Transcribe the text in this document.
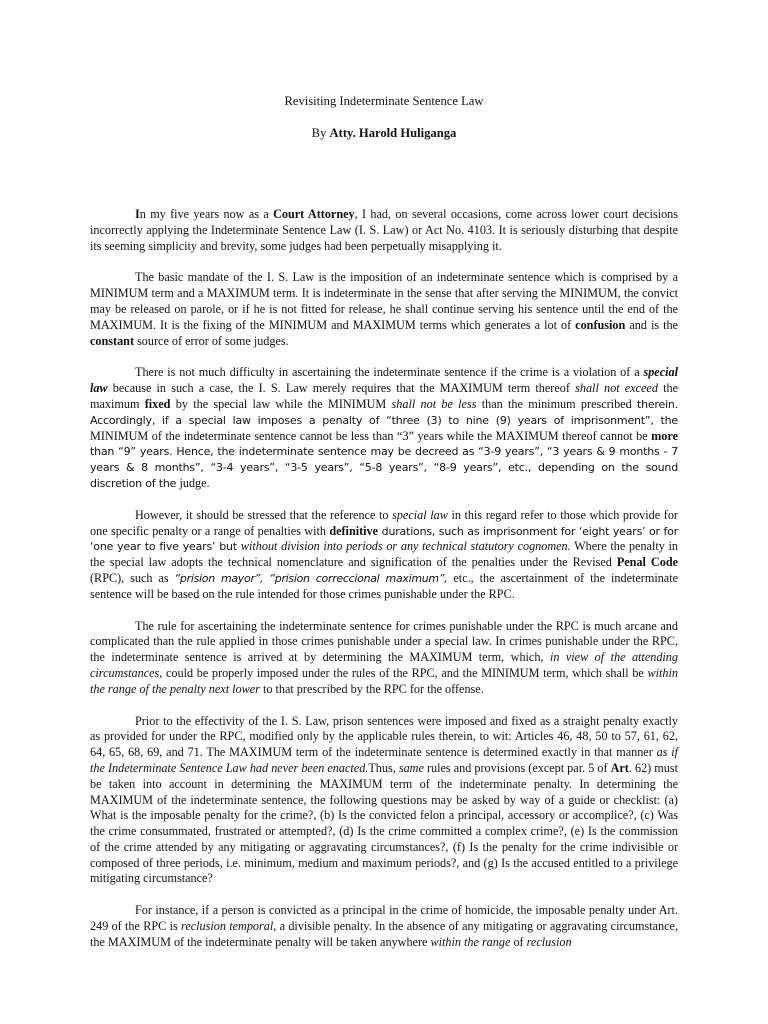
Revisiting Indeterminate Sentence Law

By Atty. Harold Huliganga

In my five years now as a Court Attorney, I had, on several occasions, come across lower court decisions incorrectly applying the Indeterminate Sentence Law (I. S. Law) or Act No. 4103. It is seriously disturbing that despite its seeming simplicity and brevity, some judges had been perpetually misapplying it.

The basic mandate of the I. S. Law is the imposition of an indeterminate sentence which is comprised by a MINIMUM term and a MAXIMUM term. It is indeterminate in the sense that after serving the MINIMUM, the convict may be released on parole, or if he is not fitted for release, he shall continue serving his sentence until the end of the MAXIMUM. It is the fixing of the MINIMUM and MAXIMUM terms which generates a lot of confusion and is the constant source of error of some judges.

There is not much difficulty in ascertaining the indeterminate sentence if the crime is a violation of a special law because in such a case, the I. S. Law merely requires that the MAXIMUM term thereof shall not exceed the maximum fixed by the special law while the MINIMUM shall not be less than the minimum prescribed therein. Accordingly, if a special law imposes a penalty of “three (3) to nine (9) years of imprisonment”, the MINIMUM of the indeterminate sentence cannot be less than “3” years while the MAXIMUM thereof cannot be more than “9” years. Hence, the indeterminate sentence may be decreed as “3-9 years”, “3 years & 9 months - 7 years & 8 months”, “3-4 years”, “3-5 years”, “5-8 years”, “8-9 years”, etc., depending on the sound discretion of the judge.

However, it should be stressed that the reference to special law in this regard refer to those which provide for one specific penalty or a range of penalties with definitive durations, such as imprisonment for ‘eight years’ or for ‘one year to five years’ but without division into periods or any technical statutory cognomen. Where the penalty in the special law adopts the technical nomenclature and signification of the penalties under the Revised Penal Code (RPC), such as “prision mayor”, “prision correccional maximum”, etc., the ascertainment of the indeterminate sentence will be based on the rule intended for those crimes punishable under the RPC.

The rule for ascertaining the indeterminate sentence for crimes punishable under the RPC is much arcane and complicated than the rule applied in those crimes punishable under a special law. In crimes punishable under the RPC, the indeterminate sentence is arrived at by determining the MAXIMUM term, which, in view of the attending circumstances, could be properly imposed under the rules of the RPC, and the MINIMUM term, which shall be within the range of the penalty next lower to that prescribed by the RPC for the offense.

Prior to the effectivity of the I. S. Law, prison sentences were imposed and fixed as a straight penalty exactly as provided for under the RPC, modified only by the applicable rules therein, to wit: Articles 46, 48, 50 to 57, 61, 62, 64, 65, 68, 69, and 71. The MAXIMUM term of the indeterminate sentence is determined exactly in that manner as if the Indeterminate Sentence Law had never been enacted.Thus, same rules and provisions (except par. 5 of Art. 62) must be taken into account in determining the MAXIMUM term of the indeterminate penalty. In determining the MAXIMUM of the indeterminate sentence, the following questions may be asked by way of a guide or checklist: (a) What is the imposable penalty for the crime?, (b) Is the convicted felon a principal, accessory or accomplice?, (c) Was the crime consummated, frustrated or attempted?, (d) Is the crime committed a complex crime?, (e) Is the commission of the crime attended by any mitigating or aggravating circumstances?, (f) Is the penalty for the crime indivisible or composed of three periods, i.e. minimum, medium and maximum periods?, and (g) Is the accused entitled to a privilege mitigating circumstance?

For instance, if a person is convicted as a principal in the crime of homicide, the imposable penalty under Art. 249 of the RPC is reclusion temporal, a divisible penalty. In the absence of any mitigating or aggravating circumstance, the MAXIMUM of the indeterminate penalty will be taken anywhere within the range of reclusion
